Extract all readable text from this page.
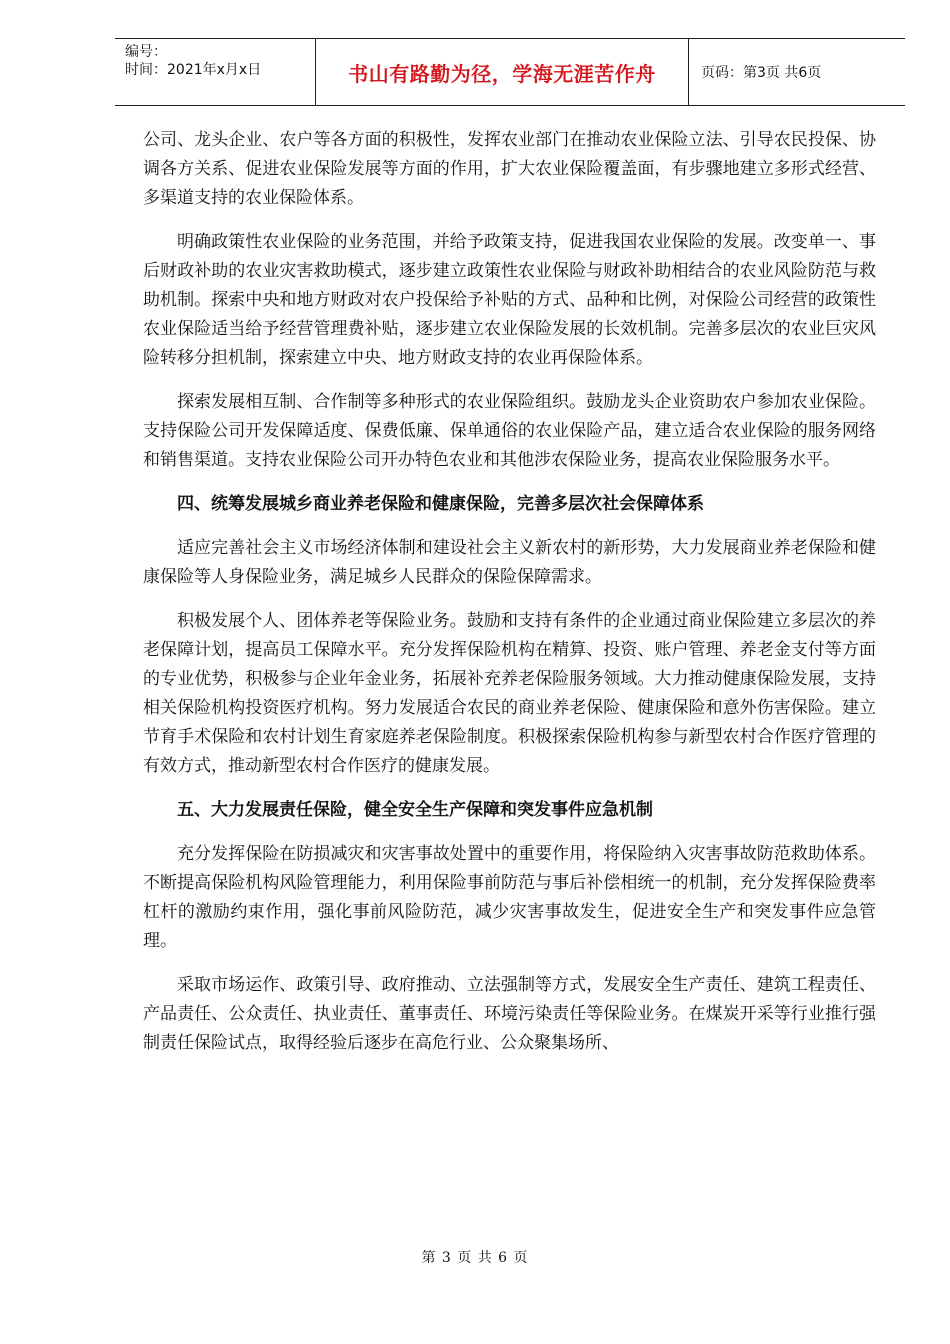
编号：
时间：2021年x月x日	书山有路勤为径，学海无涯苦作舟	页码：第3页 共6页

公司、龙头企业、农户等各方面的积极性，发挥农业部门在推动农业保险立法、引导农民投保、协调各方关系、促进农业保险发展等方面的作用，扩大农业保险覆盖面，有步骤地建立多形式经营、多渠道支持的农业保险体系。

明确政策性农业保险的业务范围，并给予政策支持，促进我国农业保险的发展。改变单一、事后财政补助的农业灾害救助模式，逐步建立政策性农业保险与财政补助相结合的农业风险防范与救助机制。探索中央和地方财政对农户投保给予补贴的方式、品种和比例，对保险公司经营的政策性农业保险适当给予经营管理费补贴，逐步建立农业保险发展的长效机制。完善多层次的农业巨灾风险转移分担机制，探索建立中央、地方财政支持的农业再保险体系。

探索发展相互制、合作制等多种形式的农业保险组织。鼓励龙头企业资助农户参加农业保险。支持保险公司开发保障适度、保费低廉、保单通俗的农业保险产品，建立适合农业保险的服务网络和销售渠道。支持农业保险公司开办特色农业和其他涉农保险业务，提高农业保险服务水平。

四、统筹发展城乡商业养老保险和健康保险，完善多层次社会保障体系

适应完善社会主义市场经济体制和建设社会主义新农村的新形势，大力发展商业养老保险和健康保险等人身保险业务，满足城乡人民群众的保险保障需求。

积极发展个人、团体养老等保险业务。鼓励和支持有条件的企业通过商业保险建立多层次的养老保障计划，提高员工保障水平。充分发挥保险机构在精算、投资、账户管理、养老金支付等方面的专业优势，积极参与企业年金业务，拓展补充养老保险服务领域。大力推动健康保险发展，支持相关保险机构投资医疗机构。努力发展适合农民的商业养老保险、健康保险和意外伤害保险。建立节育手术保险和农村计划生育家庭养老保险制度。积极探索保险机构参与新型农村合作医疗管理的有效方式，推动新型农村合作医疗的健康发展。

五、大力发展责任保险，健全安全生产保障和突发事件应急机制

充分发挥保险在防损减灾和灾害事故处置中的重要作用，将保险纳入灾害事故防范救助体系。不断提高保险机构风险管理能力，利用保险事前防范与事后补偿相统一的机制，充分发挥保险费率杠杆的激励约束作用，强化事前风险防范，减少灾害事故发生，促进安全生产和突发事件应急管理。

采取市场运作、政策引导、政府推动、立法强制等方式，发展安全生产责任、建筑工程责任、产品责任、公众责任、执业责任、董事责任、环境污染责任等保险业务。在煤炭开采等行业推行强制责任保险试点，取得经验后逐步在高危行业、公众聚集场所、

第 3 页 共 6 页
